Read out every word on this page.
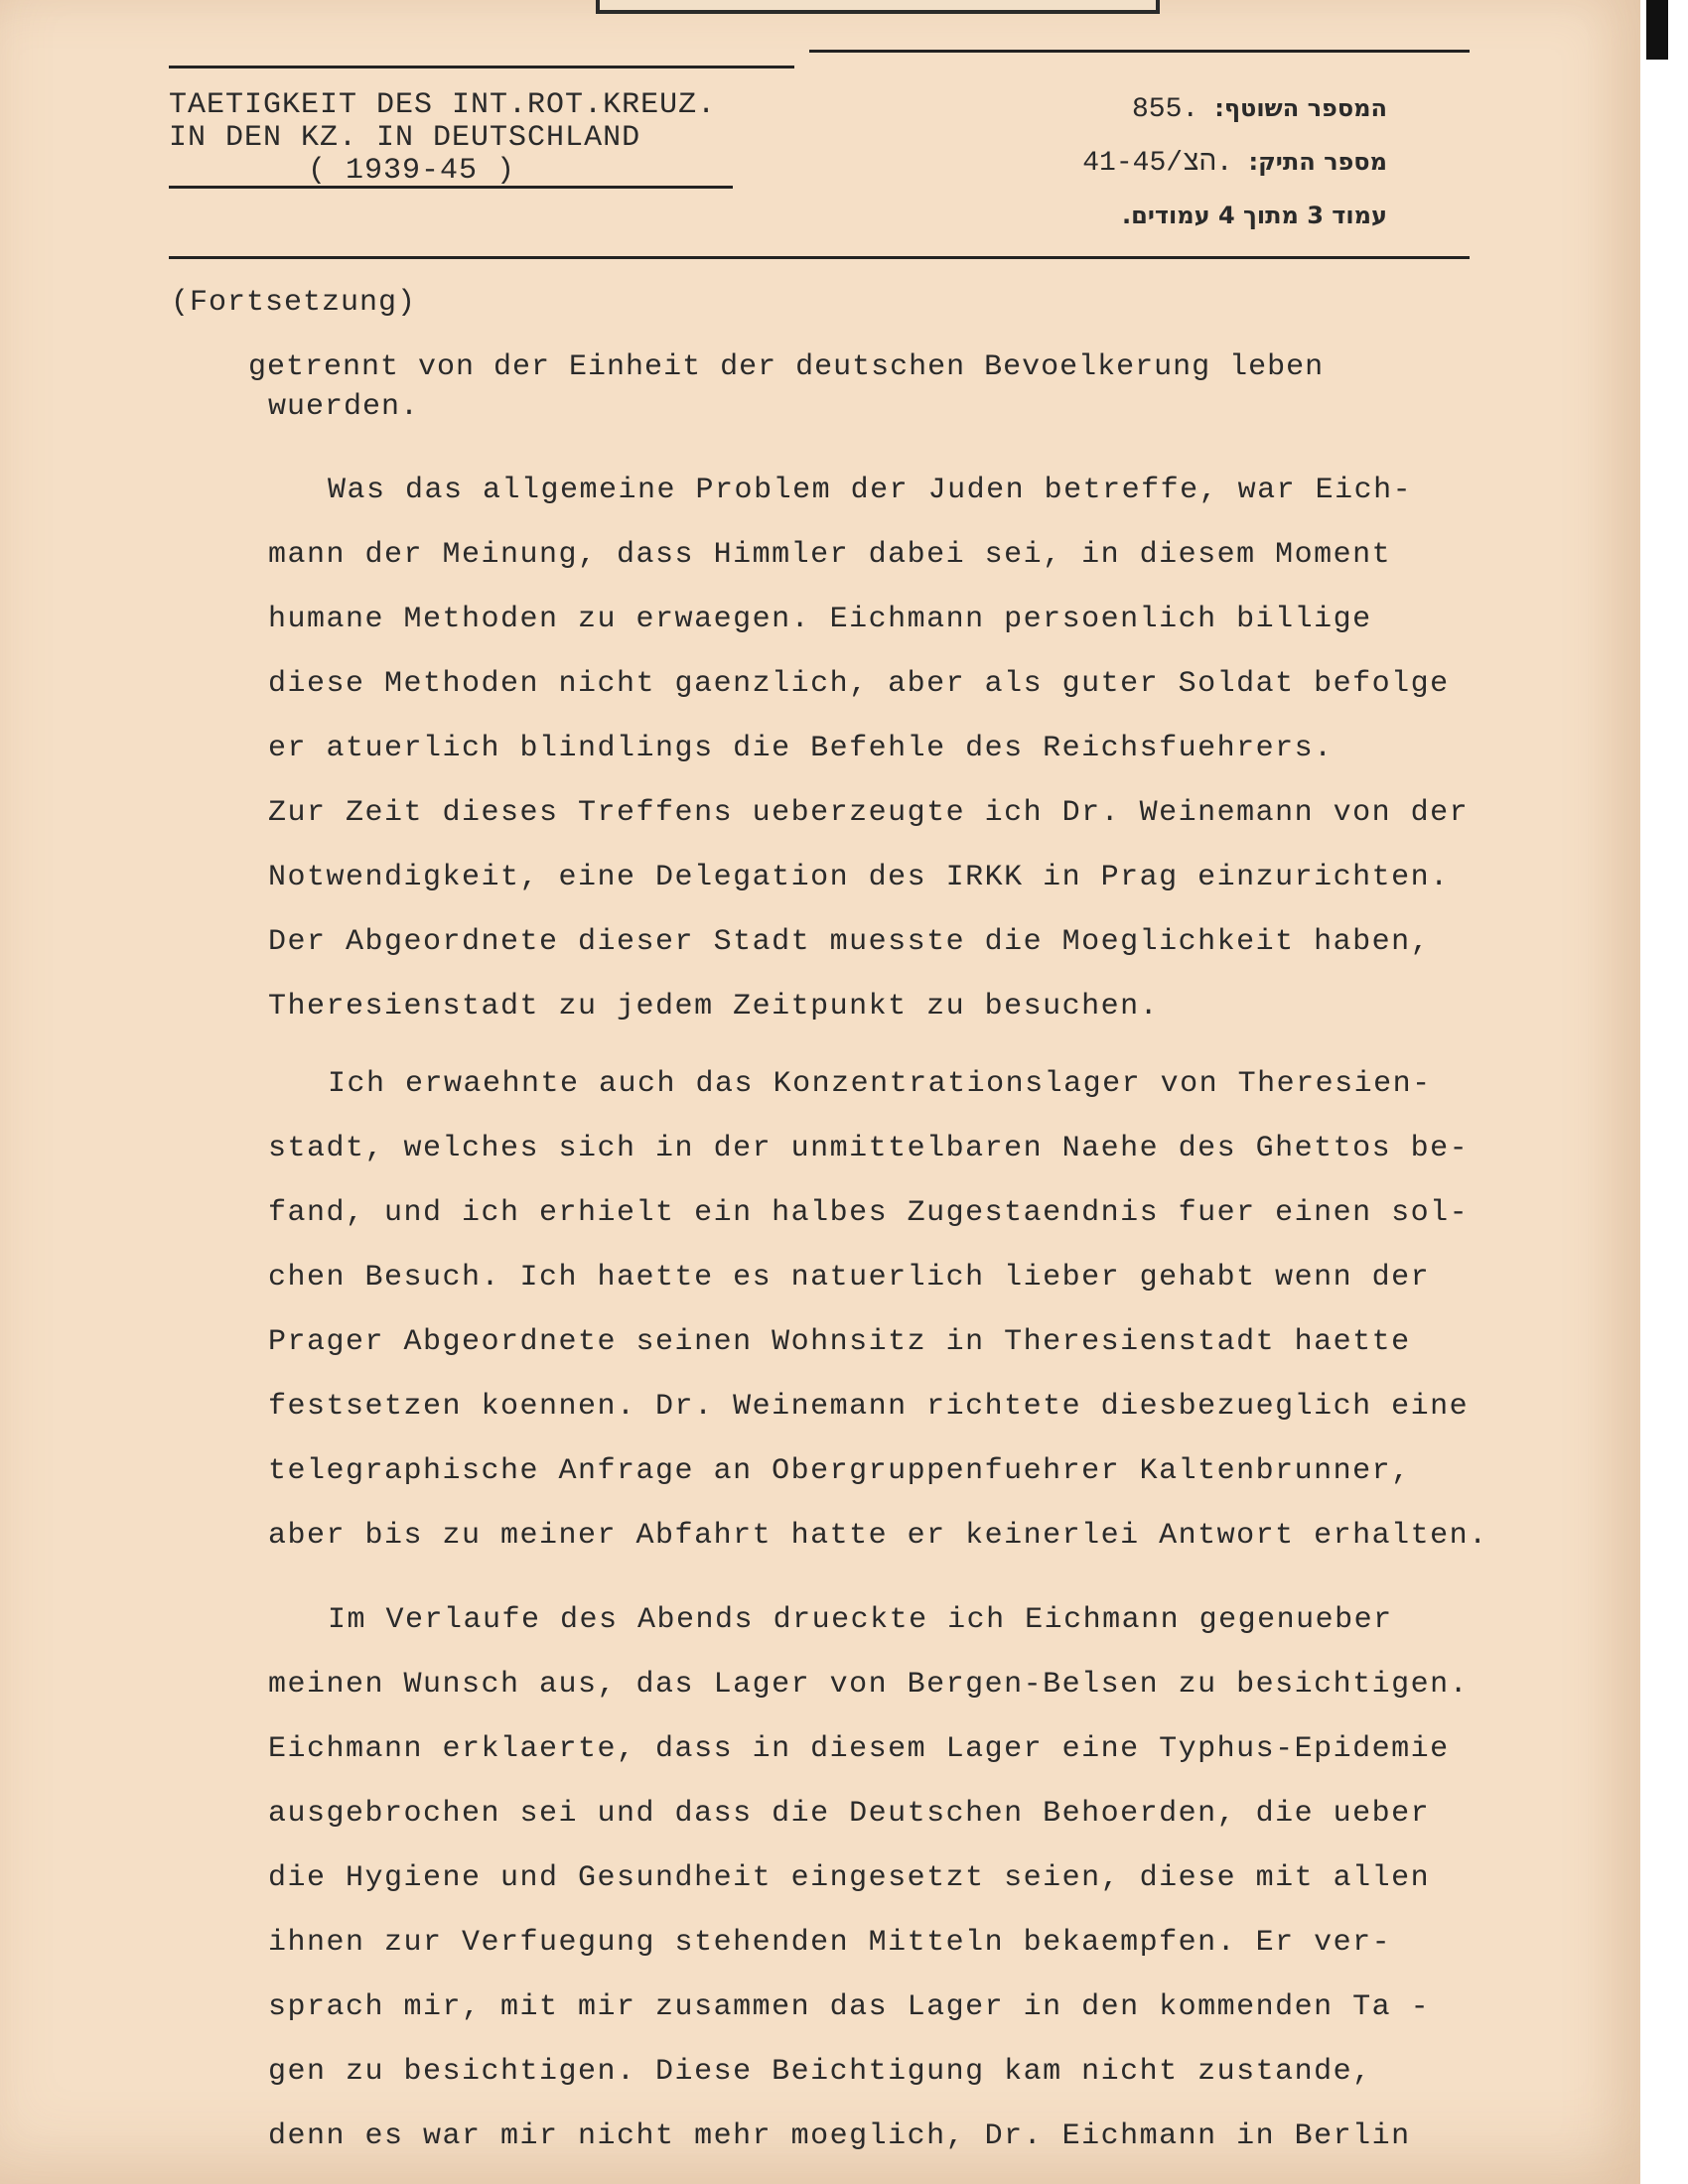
TAETIGKEIT DES INT.ROT.KREUZ.
IN DEN KZ. IN DEUTSCHLAND
( 1939-45 )
המספר השוטף:855.
מספר התיק:4הצ/1-45.
עמוד 3 מתוך 4 עמודים.
(Fortsetzung)
getrennt von der Einheit der deutschen Bevoelkerung leben
wuerden.
Was das allgemeine Problem der Juden betreffe, war Eich-
mann der Meinung, dass Himmler dabei sei, in diesem Moment
humane Methoden zu erwaegen. Eichmann persoenlich billige
diese Methoden nicht gaenzlich, aber als guter Soldat befolge
er atuerlich blindlings die Befehle des Reichsfuehrers.
Zur Zeit dieses Treffens ueberzeugte ich Dr. Weinemann von der
Notwendigkeit, eine Delegation des IRKK in Prag einzurichten.
Der Abgeordnete dieser Stadt muesste die Moeglichkeit haben,
Theresienstadt zu jedem Zeitpunkt zu besuchen.
Ich erwaehnte auch das Konzentrationslager von Theresien-
stadt, welches sich in der unmittelbaren Naehe des Ghettos be-
fand, und ich erhielt ein halbes Zugestaendnis fuer einen sol-
chen Besuch. Ich haette es natuerlich lieber gehabt wenn der
Prager Abgeordnete seinen Wohnsitz in Theresienstadt haette
festsetzen koennen. Dr. Weinemann richtete diesbezueglich eine
telegraphische Anfrage an Obergruppenfuehrer Kaltenbrunner,
aber bis zu meiner Abfahrt hatte er keinerlei Antwort erhalten.
Im Verlaufe des Abends drueckte ich Eichmann gegenueber
meinen Wunsch aus, das Lager von Bergen-Belsen zu besichtigen.
Eichmann erklaerte, dass in diesem Lager eine Typhus-Epidemie
ausgebrochen sei und dass die Deutschen Behoerden, die ueber
die Hygiene und Gesundheit eingesetzt seien, diese mit allen
ihnen zur Verfuegung stehenden Mitteln bekaempfen. Er ver-
sprach mir, mit mir zusammen das Lager in den kommenden Ta -
gen zu besichtigen. Diese Beichtigung kam nicht zustande,
denn es war mir nicht mehr moeglich, Dr. Eichmann in Berlin
